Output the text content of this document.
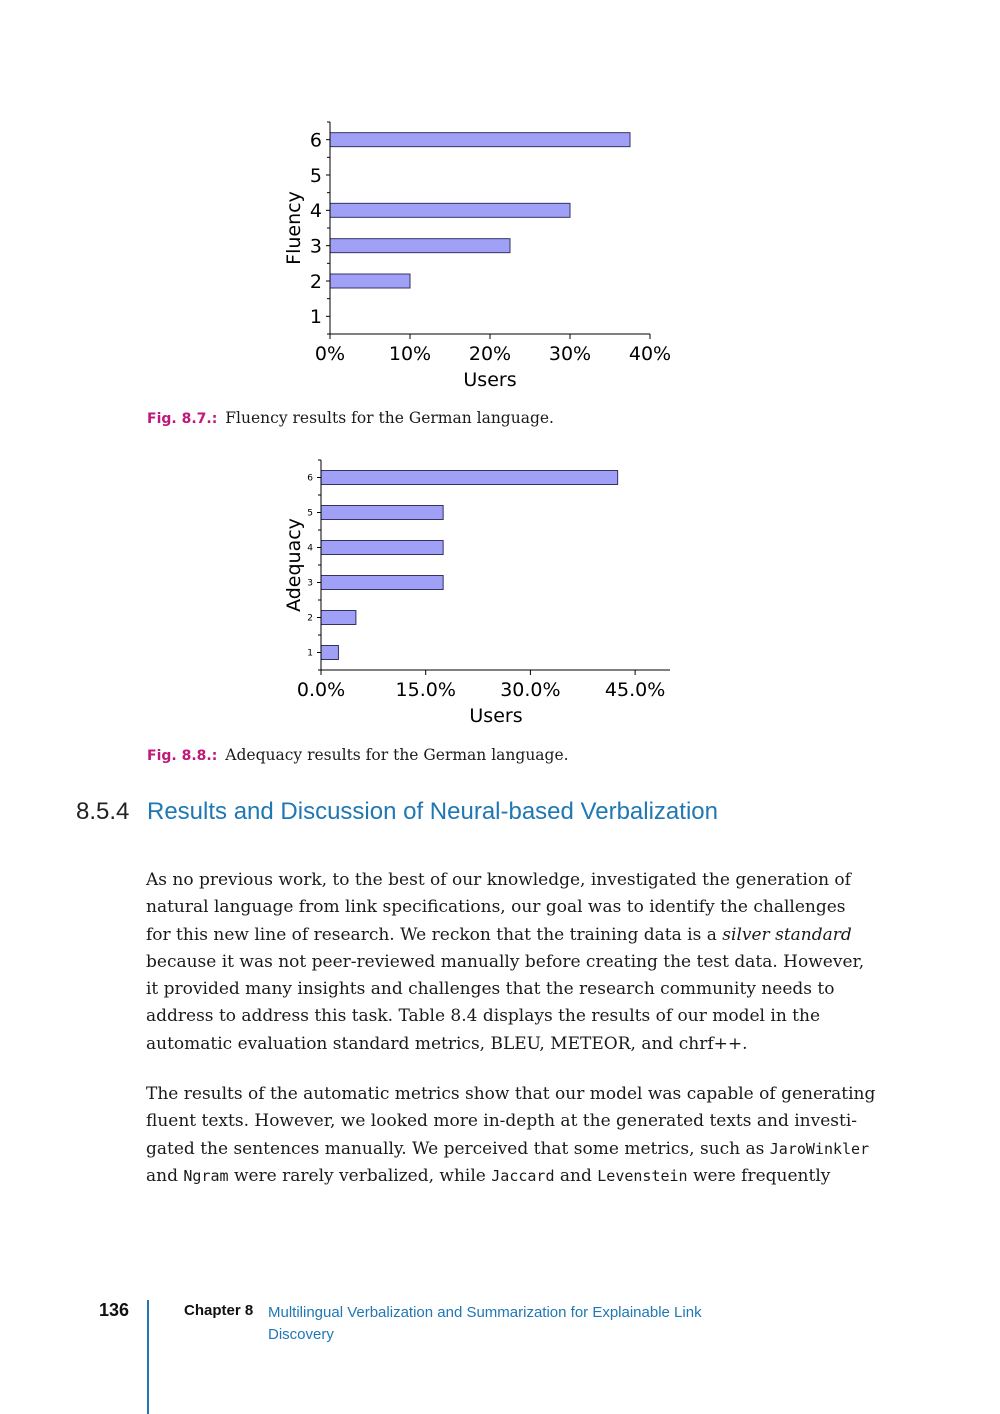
1
2
3
4
5
6
0% 10% 20% 30% 40%
Users
Fluency
Fig. 8.7.: Fluency results for the German language.
1
2
3
4
5
6
0.0%	15.0% 30.0% 45.0%
Users
Adequacy
Fig. 8.8.: Adequacy results for the German language.
8.5.4 Results and Discussion of Neural-based Verbalization
As no previous work, to the best of our knowledge, investigated the generation of
natural language from link specifications, our goal was to identify the challenges
for this new line of research. We reckon that the training data is a silver standard
because it was not peer-reviewed manually before creating the test data. However,
it provided many insights and challenges that the research community needs to
address to address this task. Table 8.4 displays the results of our model in the
automatic evaluation standard metrics, BLEU, METEOR, and chrf++.
The results of the automatic metrics show that our model was capable of generating
fluent texts. However, we looked more in-depth at the generated texts and investi-
gated the sentences manually. We perceived that some metrics, such as JaroWinkler
and Ngram were rarely verbalized, while Jaccard and Levenstein were frequently
136	Chapter 8 Multilingual Verbalization and Summarization for Explainable Link Discovery
